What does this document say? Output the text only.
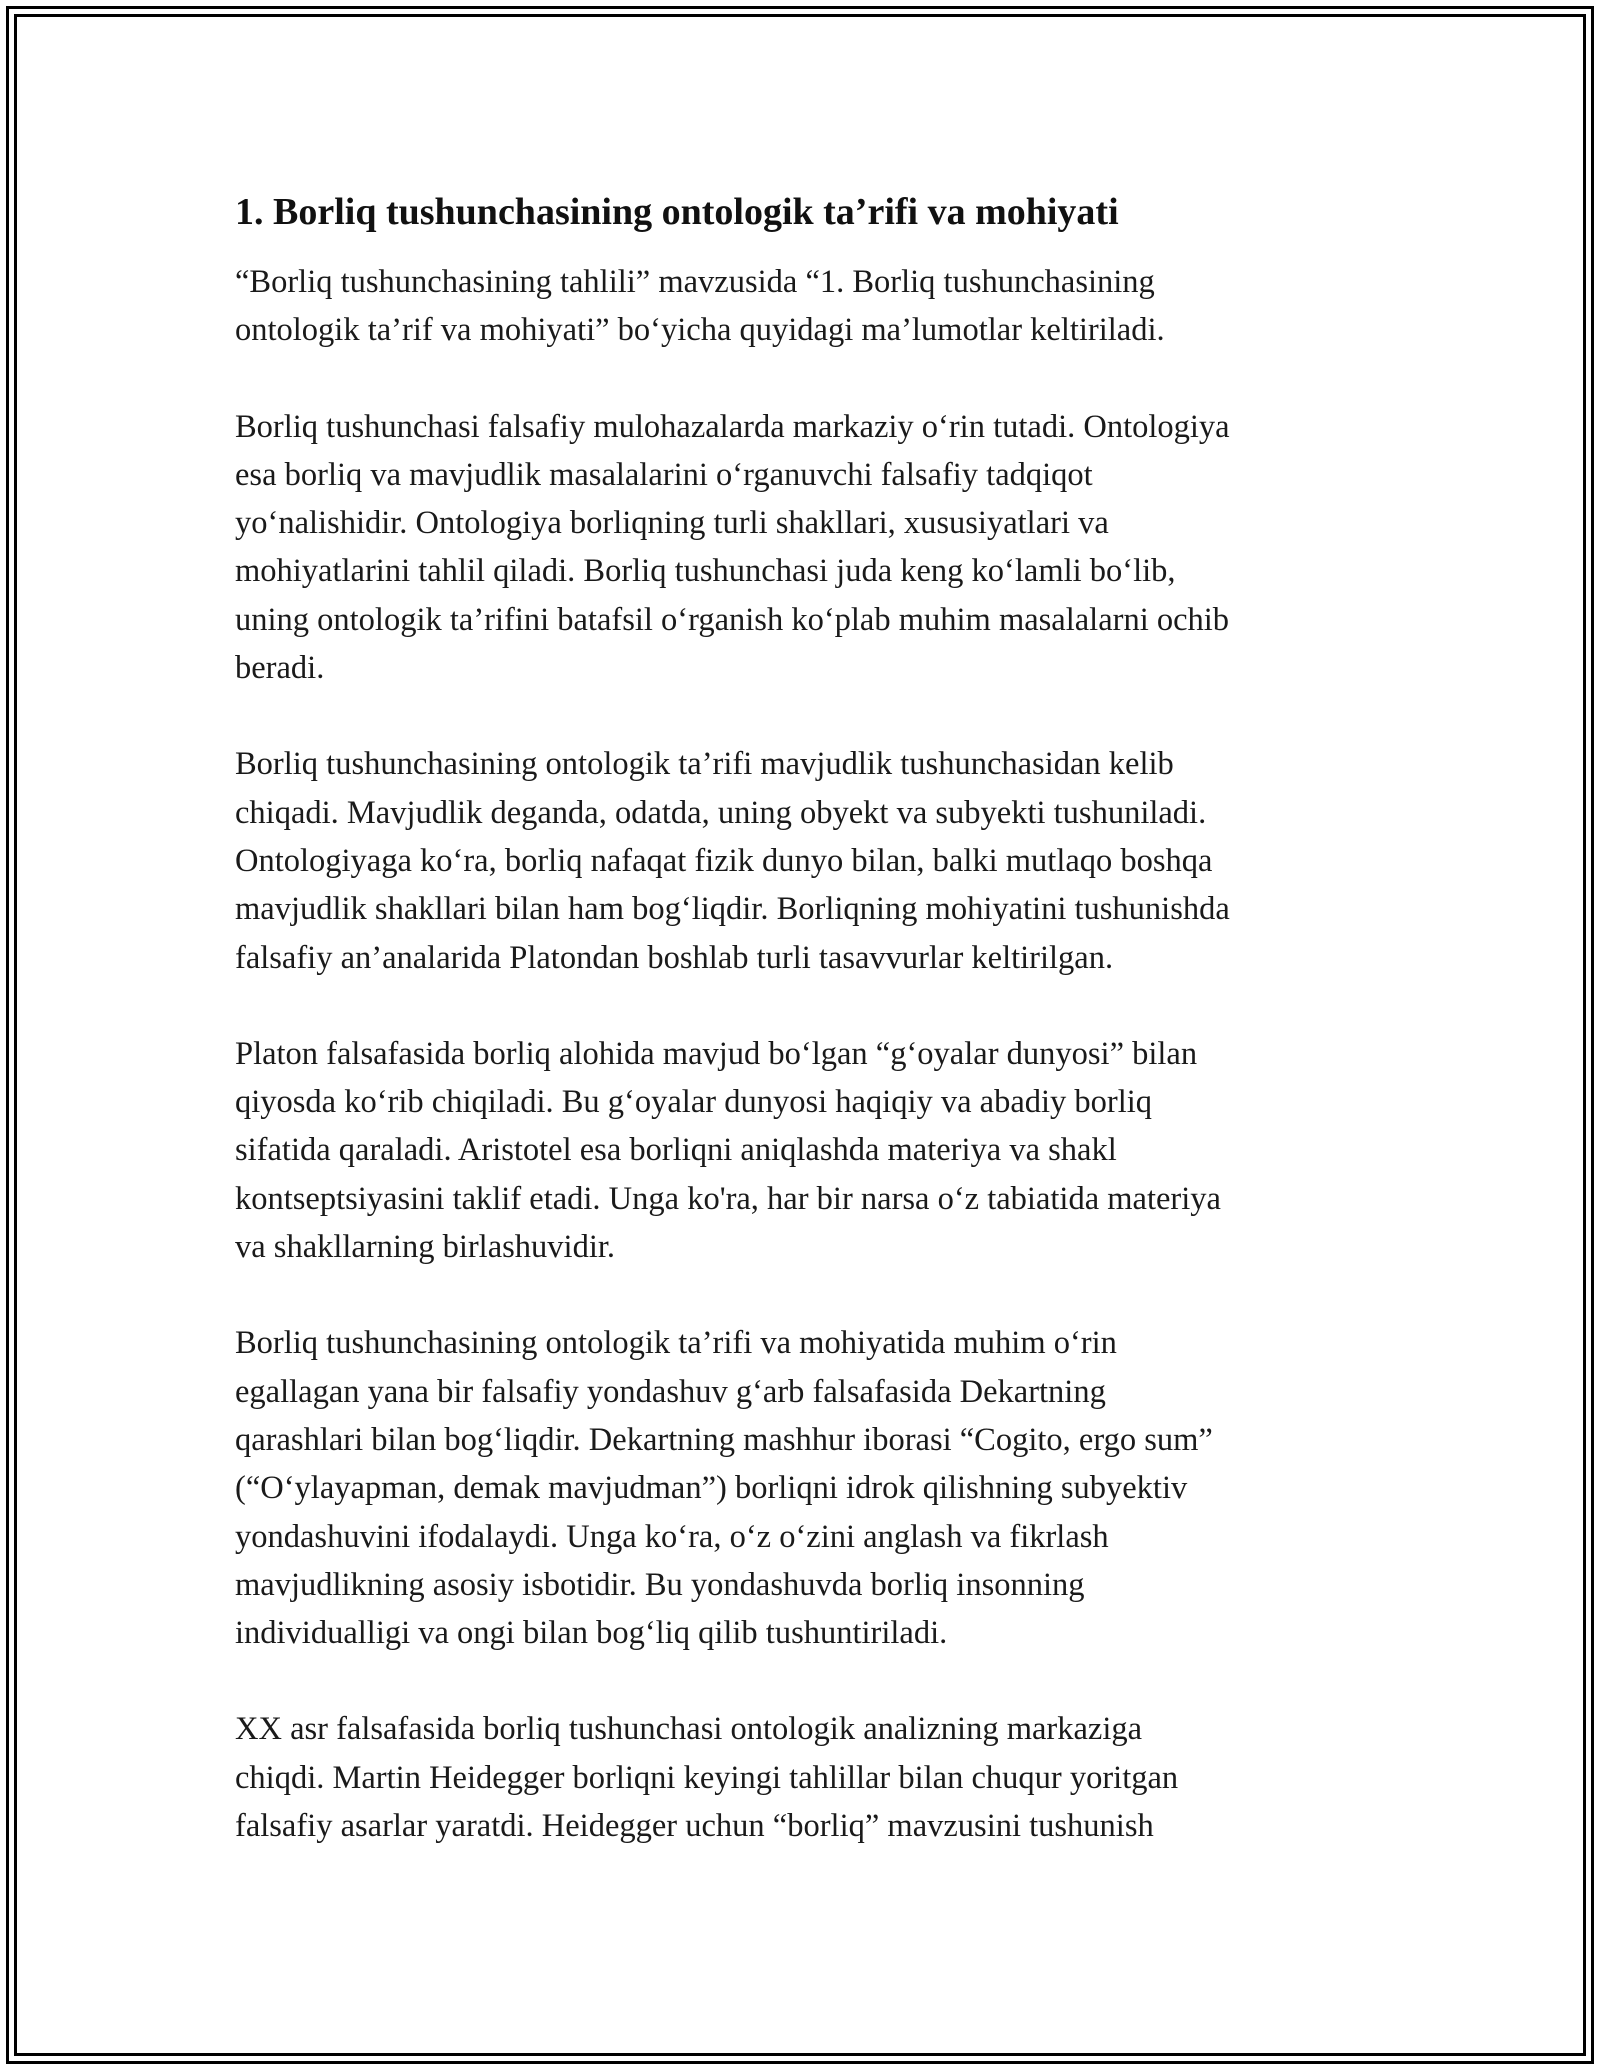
1. Borliq tushunchasining ontologik ta’rifi va mohiyati

“Borliq tushunchasining tahlili” mavzusida “1. Borliq tushunchasining
ontologik ta’rif va mohiyati” bo‘yicha quyidagi ma’lumotlar keltiriladi.

Borliq tushunchasi falsafiy mulohazalarda markaziy o‘rin tutadi. Ontologiya
esa borliq va mavjudlik masalalarini o‘rganuvchi falsafiy tadqiqot
yo‘nalishidir. Ontologiya borliqning turli shakllari, xususiyatlari va
mohiyatlarini tahlil qiladi. Borliq tushunchasi juda keng ko‘lamli bo‘lib,
uning ontologik ta’rifini batafsil o‘rganish ko‘plab muhim masalalarni ochib
beradi.

Borliq tushunchasining ontologik ta’rifi mavjudlik tushunchasidan kelib
chiqadi. Mavjudlik deganda, odatda, uning obyekt va subyekti tushuniladi.
Ontologiyaga ko‘ra, borliq nafaqat fizik dunyo bilan, balki mutlaqo boshqa
mavjudlik shakllari bilan ham bog‘liqdir. Borliqning mohiyatini tushunishda
falsafiy an’analarida Platondan boshlab turli tasavvurlar keltirilgan.

Platon falsafasida borliq alohida mavjud bo‘lgan “g‘oyalar dunyosi” bilan
qiyosda ko‘rib chiqiladi. Bu g‘oyalar dunyosi haqiqiy va abadiy borliq
sifatida qaraladi. Aristotel esa borliqni aniqlashda materiya va shakl
kontseptsiyasini taklif etadi. Unga ko'ra, har bir narsa o‘z tabiatida materiya
va shakllarning birlashuvidir.

Borliq tushunchasining ontologik ta’rifi va mohiyatida muhim o‘rin
egallagan yana bir falsafiy yondashuv g‘arb falsafasida Dekartning
qarashlari bilan bog‘liqdir. Dekartning mashhur iborasi “Cogito, ergo sum”
(“O‘ylayapman, demak mavjudman”) borliqni idrok qilishning subyektiv
yondashuvini ifodalaydi. Unga ko‘ra, o‘z o‘zini anglash va fikrlash
mavjudlikning asosiy isbotidir. Bu yondashuvda borliq insonning
individualligi va ongi bilan bog‘liq qilib tushuntiriladi.

XX asr falsafasida borliq tushunchasi ontologik analizning markaziga
chiqdi. Martin Heidegger borliqni keyingi tahlillar bilan chuqur yoritgan
falsafiy asarlar yaratdi. Heidegger uchun “borliq” mavzusini tushunish
